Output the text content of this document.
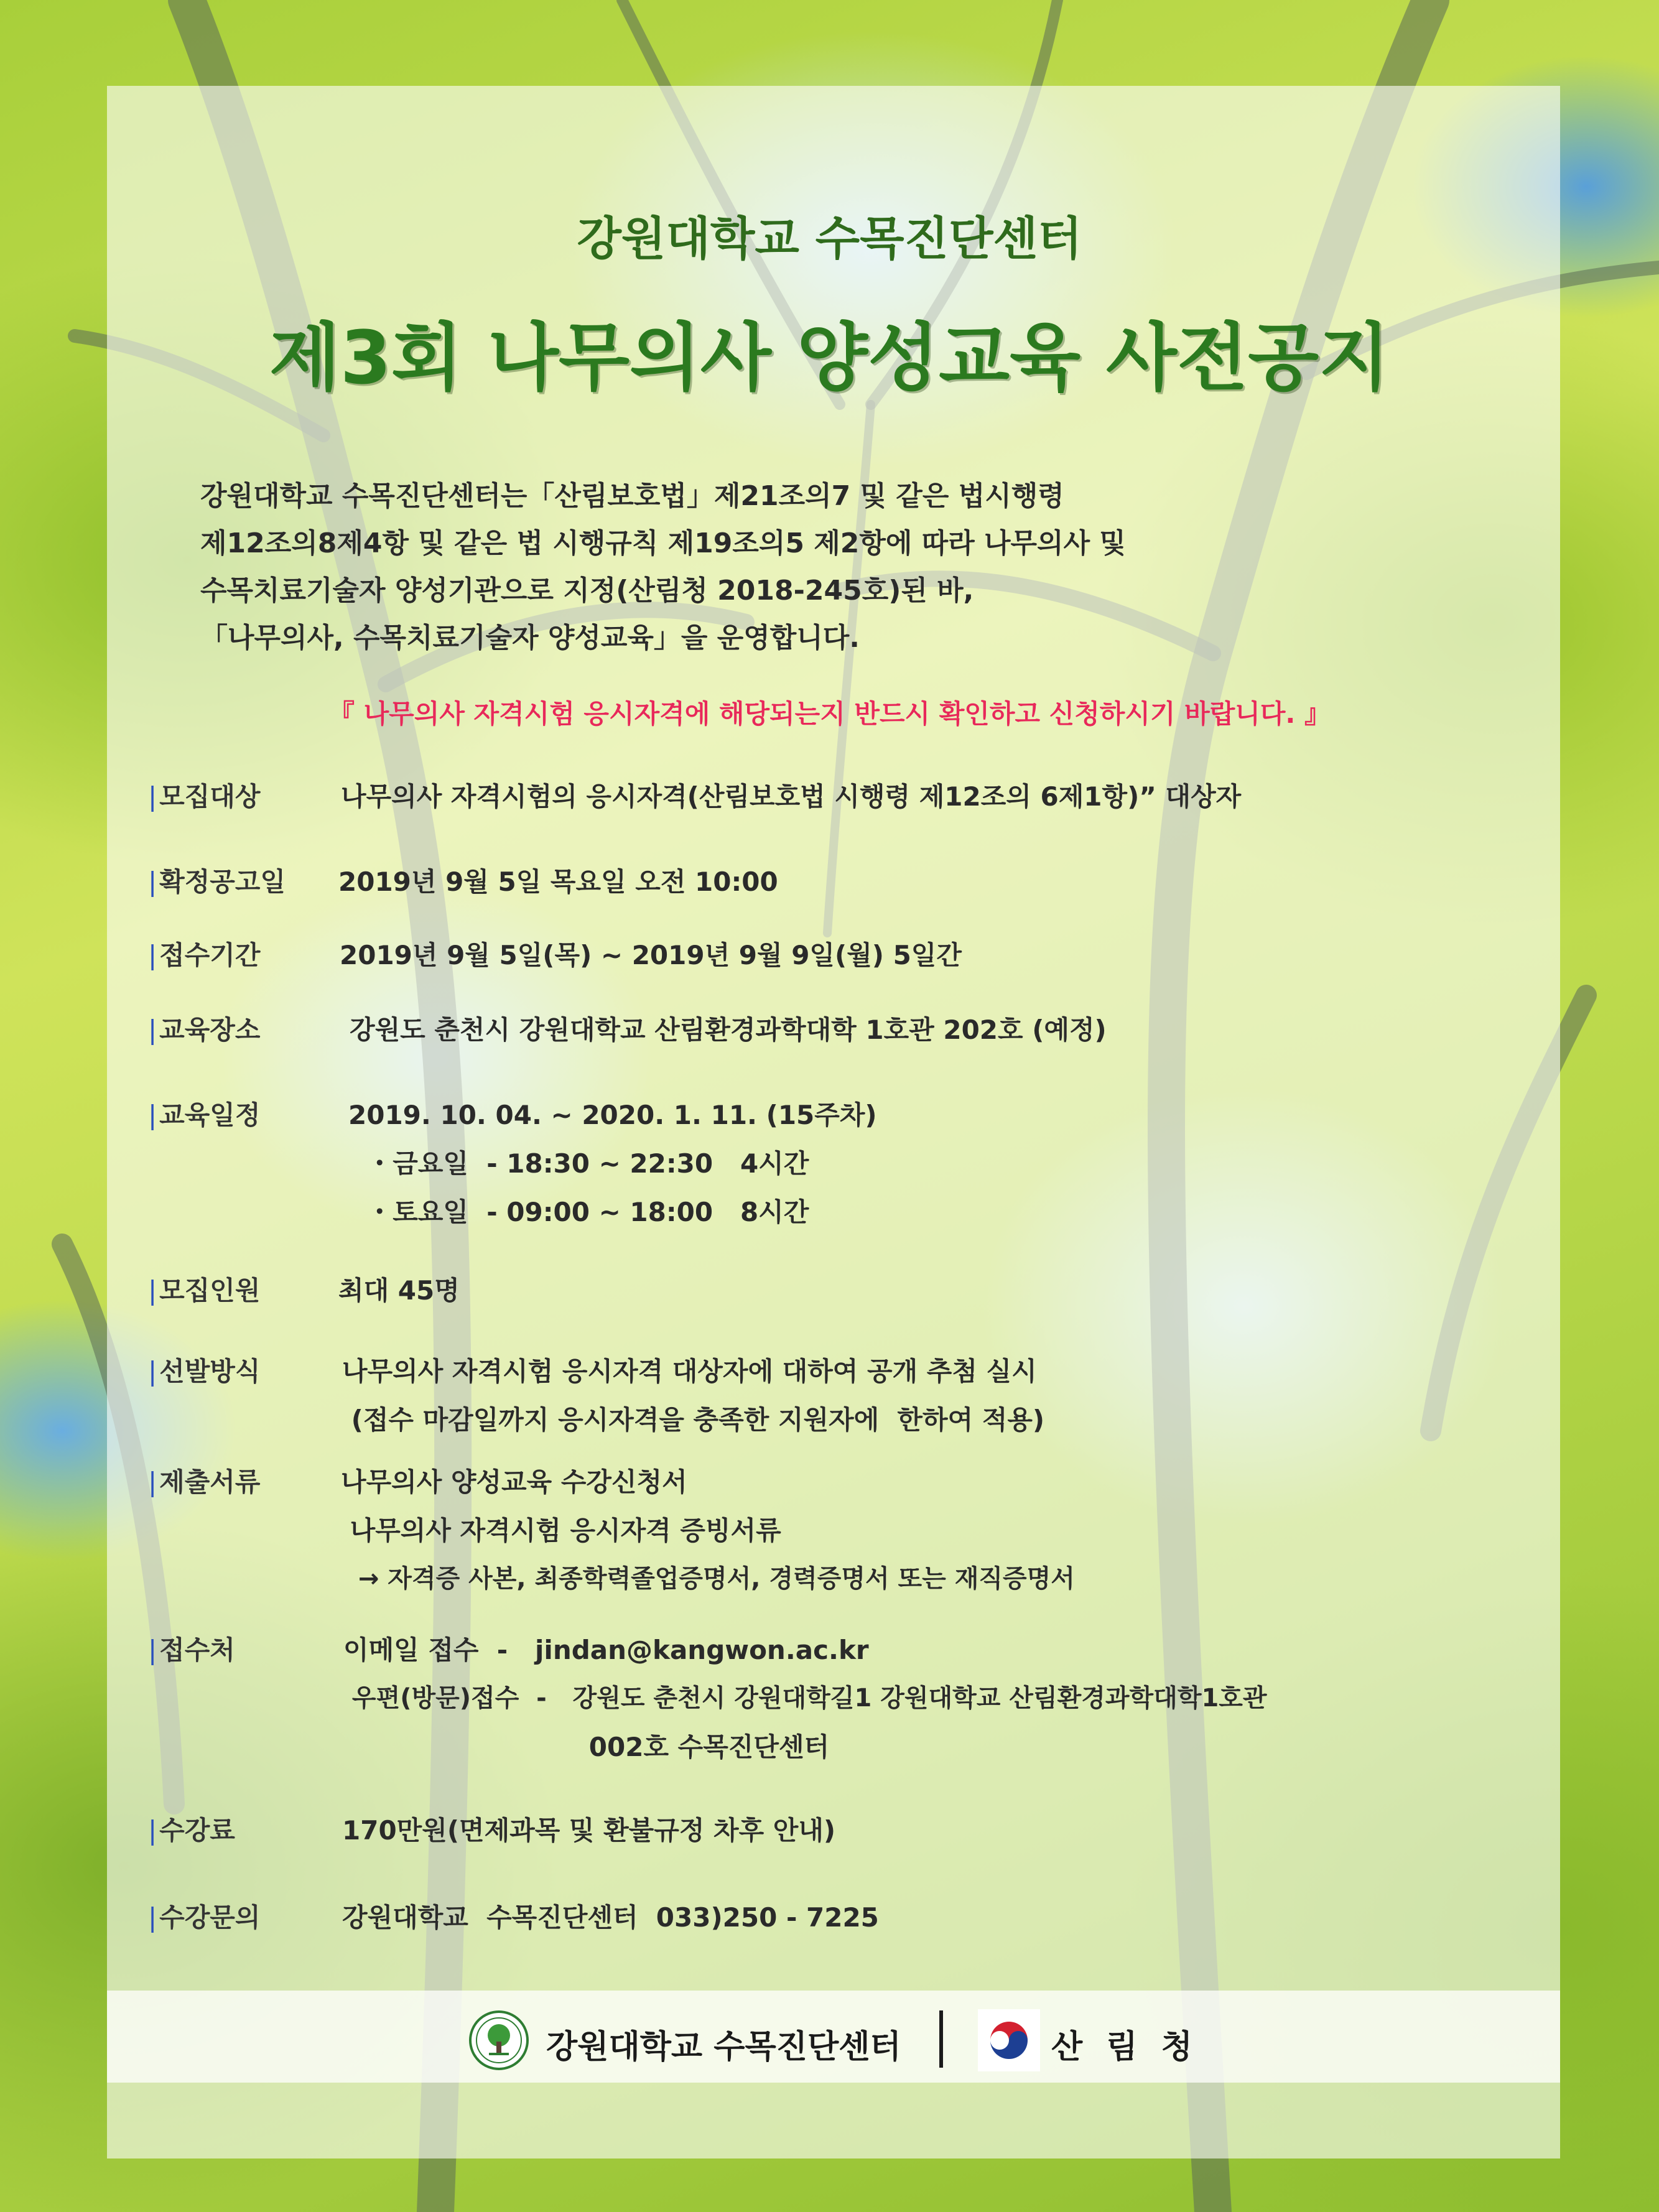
강원대학교 수목진단센터
제3회 나무의사 양성교육 사전공지
강원대학교 수목진단센터는「산림보호법」제21조의7 및 같은 법시행령
제12조의8제4항 및 같은 법 시행규칙 제19조의5 제2항에 따라 나무의사 및
수목치료기술자 양성기관으로 지정(산림청 2018-245호)된 바,
「나무의사, 수목치료기술자 양성교육」을 운영합니다.
『 나무의사 자격시험 응시자격에 해당되는지 반드시 확인하고 신청하시기 바랍니다. 』
| 모집대상	나무의사 자격시험의 응시자격(산림보호법 시행령 제12조의 6제1항)” 대상자
| 확정공고일 2019년 9월 5일 목요일 오전 10:00
| 접수기간	2019년 9월 5일(목) ~ 2019년 9월 9일(월) 5일간
| 교육장소	강원도 춘천시 강원대학교 산림환경과학대학 1호관 202호 (예정)
| 교육일정	2019. 10. 04. ~ 2020. 1. 11. (15주차)
・금요일  - 18:30 ~ 22:30   4시간
・토요일  - 09:00 ~ 18:00   8시간
| 모집인원	최대 45명
| 선발방식	나무의사 자격시험 응시자격 대상자에 대하여 공개 추첨 실시
(접수 마감일까지 응시자격을 충족한 지원자에  한하여 적용)
| 제출서류	나무의사 양성교육 수강신청서
나무의사 자격시험 응시자격 증빙서류
→ 자격증 사본, 최종학력졸업증명서, 경력증명서 또는 재직증명서
| 접수처	이메일 접수  -   jindan@kangwon.ac.kr
우편(방문)접수  -   강원도 춘천시 강원대학길1 강원대학교 산림환경과학대학1호관
002호 수목진단센터
| 수강료	170만원(면제과목 및 환불규정 차후 안내)
| 수강문의	강원대학교  수목진단센터  033)250 - 7225
강원대학교 수목진단센터	산 림 청
